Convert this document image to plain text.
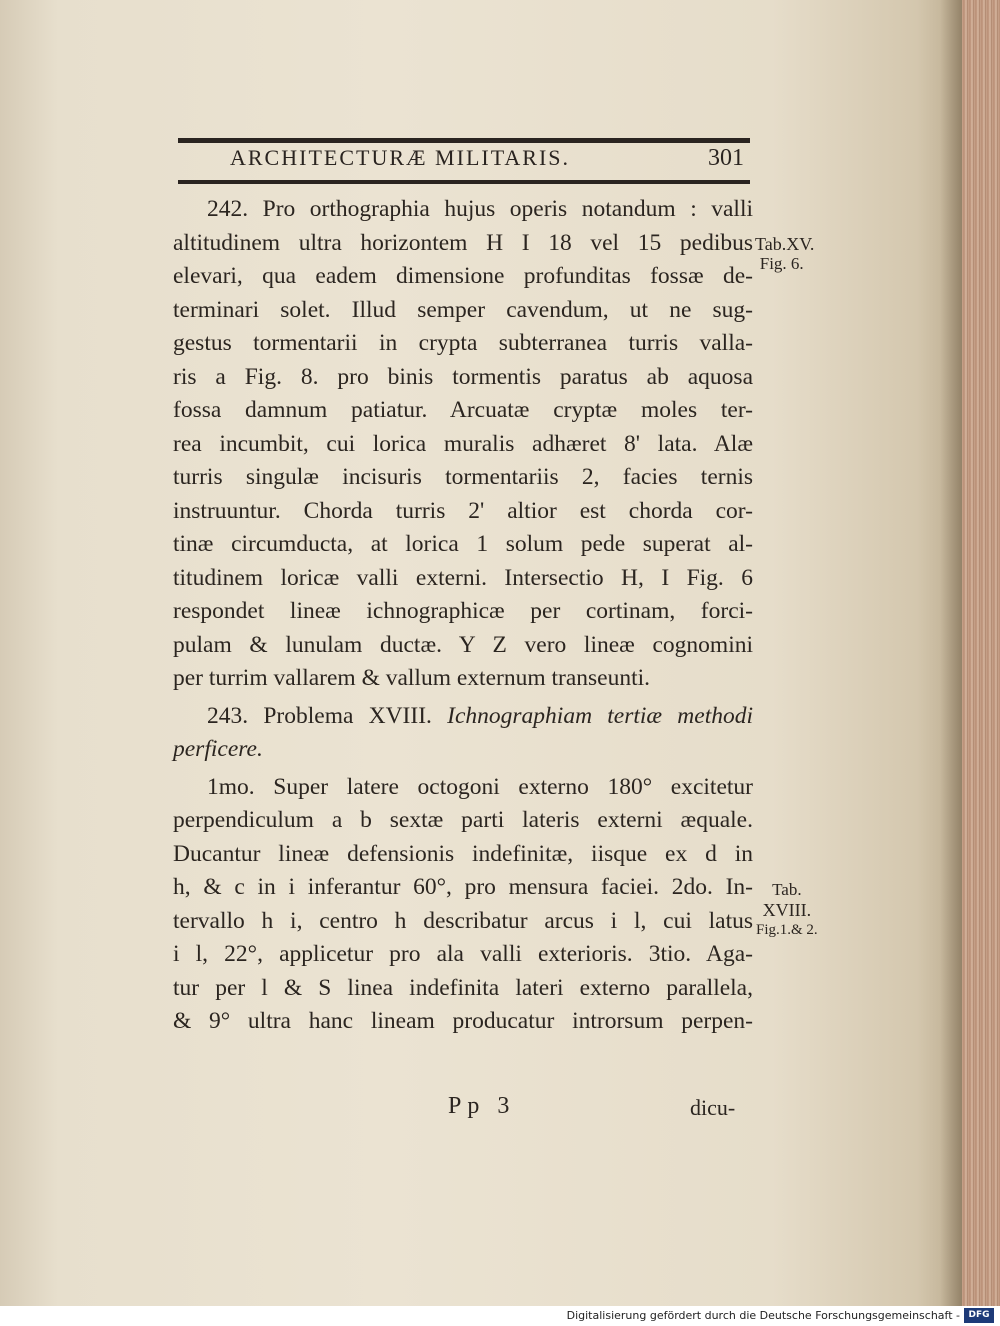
ARCHITECTURÆ MILITARIS.	301
242. Pro orthographia hujus operis notandum : valli
altitudinem ultra horizontem H I 18 vel 15 pedibus
elevari, qua eadem dimensione profunditas fossæ de-
terminari solet. Illud semper cavendum, ut ne sug-
gestus tormentarii in crypta subterranea turris valla-
ris a Fig. 8. pro binis tormentis paratus ab aquosa
fossa damnum patiatur. Arcuatæ cryptæ moles ter-
rea incumbit, cui lorica muralis adhæret 8' lata. Alæ
turris singulæ incisuris tormentariis 2, facies ternis
instruuntur. Chorda turris 2' altior est chorda cor-
tinæ circumducta, at lorica 1 solum pede superat al-
titudinem loricæ valli externi. Intersectio H, I Fig. 6
respondet lineæ ichnographicæ per cortinam, forci-
pulam & lunulam ductæ. Y Z vero lineæ cognomini
per turrim vallarem & vallum externum transeunti.
243. Problema XVIII. Ichnographiam tertiæ methodi
perficere.
1mo. Super latere octogoni externo 180° excitetur
perpendiculum a b sextæ parti lateris externi æquale.
Ducantur lineæ defensionis indefinitæ, iisque ex d in
h, & c in i inferantur 60°, pro mensura faciei. 2do. In-
tervallo h i, centro h describatur arcus i l, cui latus
i l, 22°, applicetur pro ala valli exterioris. 3tio. Aga-
tur per l & S linea indefinita lateri externo parallela,
& 9° ultra hanc lineam producatur introrsum perpen-
Tab.XV.
Fig. 6.
Tab.
XVIII.
Fig.1.& 2.
Pp 3	dicu-
Digitalisierung gefördert durch die Deutsche Forschungsgemeinschaft - DFG
